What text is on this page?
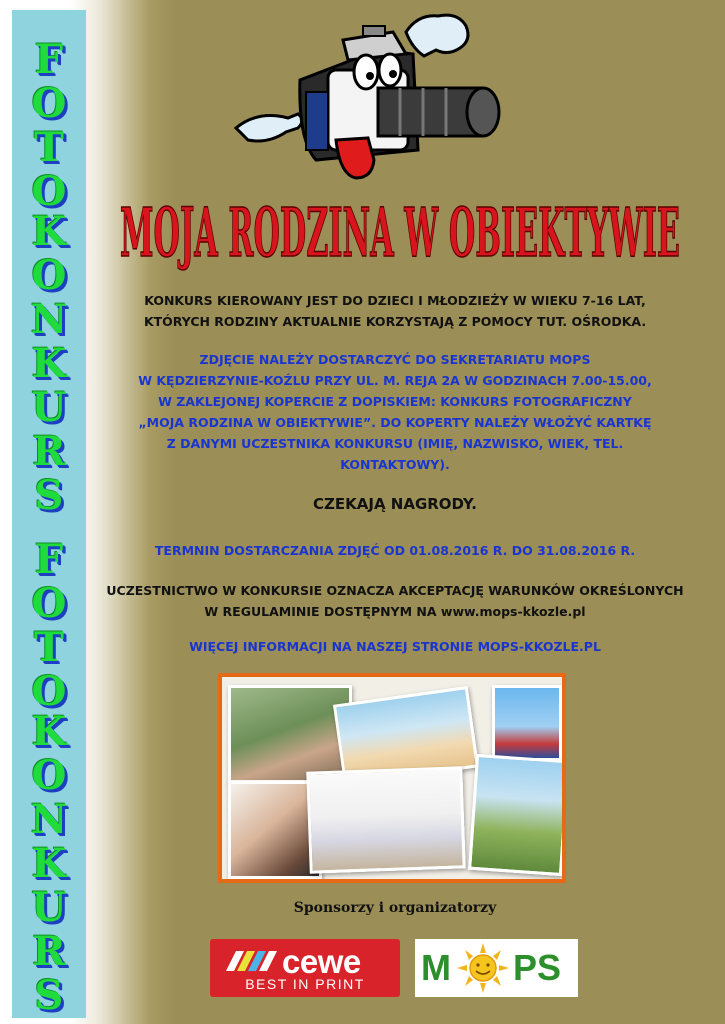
F
O
T
O
K
O
N
K
U
R
S
F
O
T
O
K
O
N
K
U
R
S
MOJA RODZINA W OBIEKTYWIE
KONKURS KIEROWANY JEST DO DZIECI I MŁODZIEŻY W WIEKU 7-16 LAT,
KTÓRYCH RODZINY AKTUALNIE KORZYSTAJĄ Z POMOCY TUT. OŚRODKA.
ZDJĘCIE NALEŻY DOSTARCZYĆ DO SEKRETARIATU MOPS
W KĘDZIERZYNIE-KOŹLU PRZY UL. M. REJA 2A W GODZINACH 7.00-15.00,
W ZAKLEJONEJ KOPERCIE Z DOPISKIEM: KONKURS FOTOGRAFICZNY
„MOJA RODZINA W OBIEKTYWIE”. DO KOPERTY NALEŻY WŁOŻYĆ KARTKĘ
Z DANYMI UCZESTNIKA KONKURSU (IMIĘ, NAZWISKO, WIEK, TEL.
KONTAKTOWY).
CZEKAJĄ NAGRODY.
TERMNIN DOSTARCZANIA ZDJĘĆ OD 01.08.2016 R. DO 31.08.2016 R.
UCZESTNICTWO W KONKURSIE OZNACZA AKCEPTACJĘ WARUNKÓW OKREŚLONYCH
W REGULAMINIE DOSTĘPNYM NA www.mops-kkozle.pl
WIĘCEJ INFORMACJI NA NASZEJ STRONIE MOPS-KKOZLE.PL
Sponsorzy i organizatorzy
cewe
BEST IN PRINT	M PS
